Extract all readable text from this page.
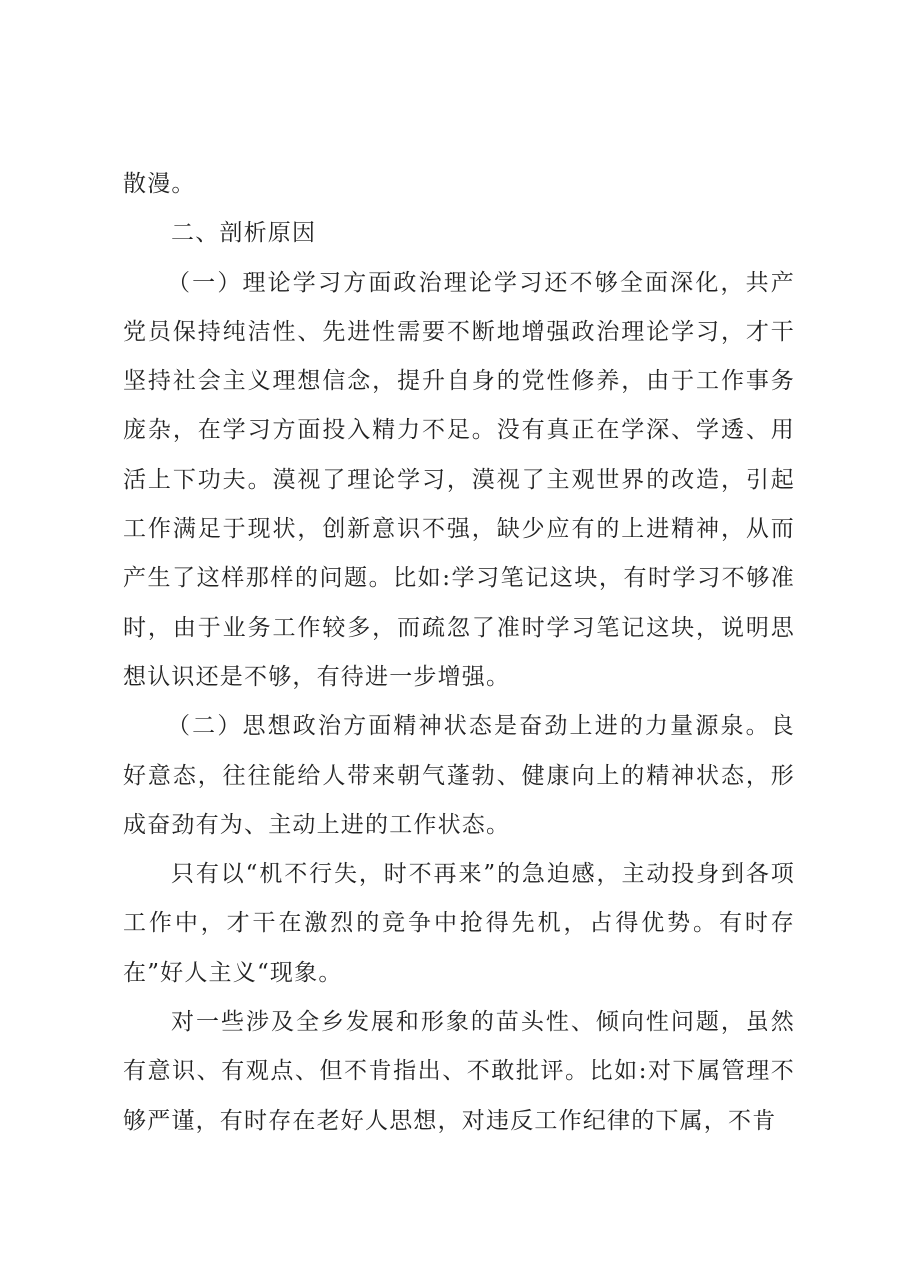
散漫。

二、剖析原因

（一）理论学习方面政治理论学习还不够全面深化，共产党员保持纯洁性、先进性需要不断地增强政治理论学习，才干坚持社会主义理想信念，提升自身的党性修养，由于工作事务庞杂，在学习方面投入精力不足。没有真正在学深、学透、用活上下功夫。漠视了理论学习，漠视了主观世界的改造，引起工作满足于现状，创新意识不强，缺少应有的上进精神，从而产生了这样那样的问题。比如:学习笔记这块，有时学习不够准时，由于业务工作较多，而疏忽了准时学习笔记这块，说明思想认识还是不够，有待进一步增强。

（二）思想政治方面精神状态是奋劲上进的力量源泉。良好意态，往往能给人带来朝气蓬勃、健康向上的精神状态，形成奋劲有为、主动上进的工作状态。

只有以“机不行失，时不再来”的急迫感，主动投身到各项工作中，才干在激烈的竞争中抢得先机，占得优势。有时存在”好人主义“现象。

对一些涉及全乡发展和形象的苗头性、倾向性问题，虽然有意识、有观点、但不肯指出、不敢批评。比如:对下属管理不够严谨，有时存在老好人思想，对违反工作纪律的下属，不肯
